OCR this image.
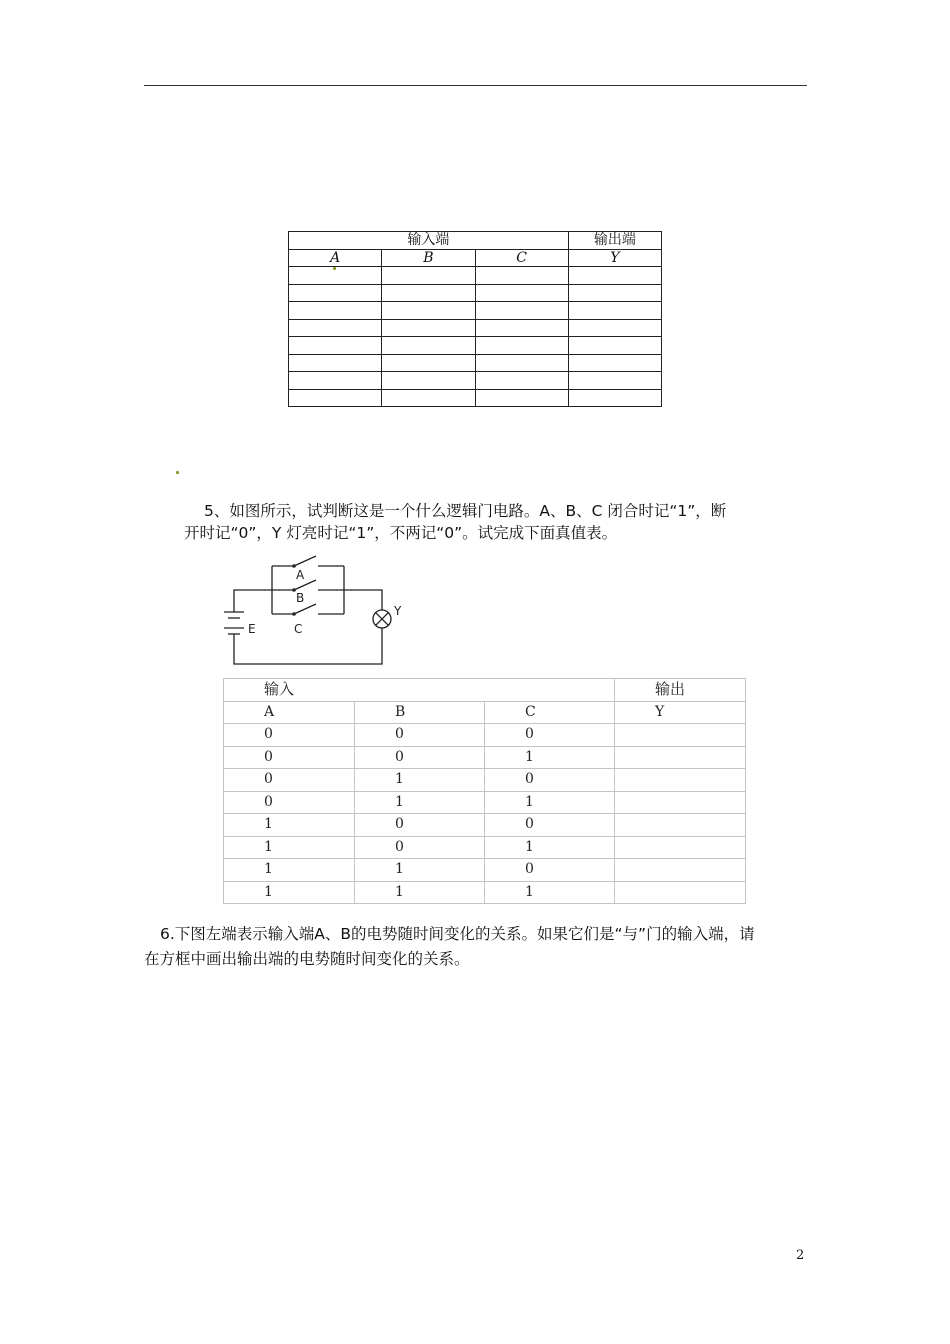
输入端			输出端
A	B	C	Y

5、如图所示，试判断这是一个什么逻辑门电路。A、B、C 闭合时记“1”，断
开时记“0”，Y 灯亮时记“1”，不两记“0”。试完成下面真值表。
A
B
C
E
Y
输入			输出
A	B	C	Y
0	0	0	
0	0	1	
0	1	0	
0	1	1	
1	0	0	
1	0	1	
1	1	0	
1	1	1	
6.下图左端表示输入端A、B的电势随时间变化的关系。如果它们是“与”门的输入端，请
在方框中画出输出端的电势随时间变化的关系。
2
